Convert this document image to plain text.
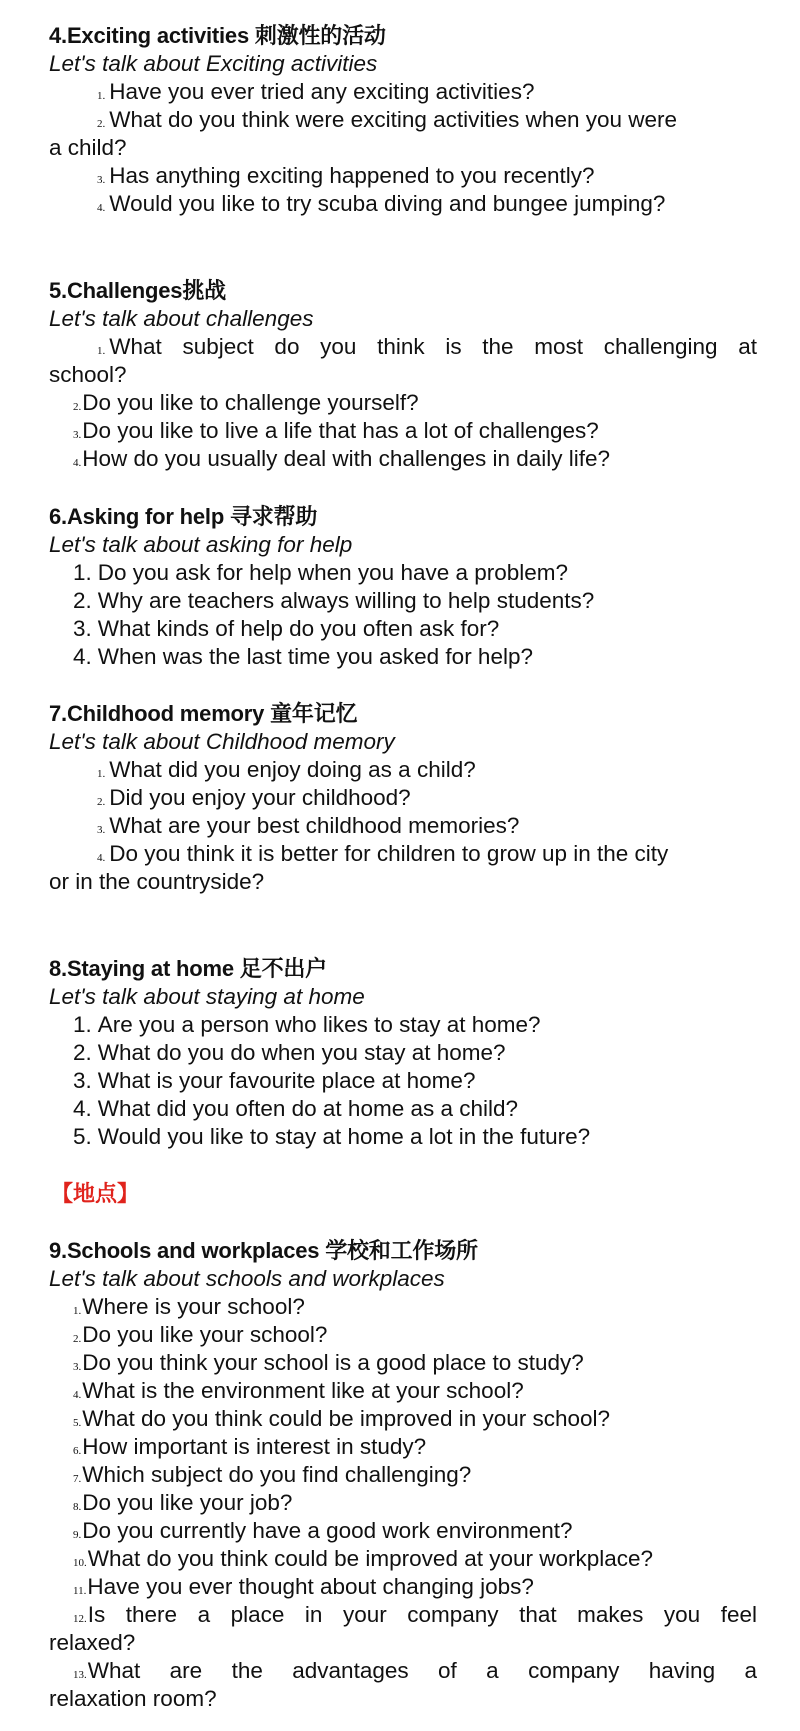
4.Exciting activities 刺激性的活动
Let's talk about Exciting activities
1. Have you ever tried any exciting activities?
2. What do you think were exciting activities when you were
a child?
3. Has anything exciting happened to you recently?
4. Would you like to try scuba diving and bungee jumping?
5.Challenges挑战
Let's talk about challenges
1. What subject do you think is the most challenging at
school?
2.Do you like to challenge yourself?
3.Do you like to live a life that has a lot of challenges?
4.How do you usually deal with challenges in daily life?
6.Asking for help 寻求帮助
Let's talk about asking for help
1. Do you ask for help when you have a problem?
2. Why are teachers always willing to help students?
3. What kinds of help do you often ask for?
4. When was the last time you asked for help?
7.Childhood memory 童年记忆
Let's talk about Childhood memory
1. What did you enjoy doing as a child?
2. Did you enjoy your childhood?
3. What are your best childhood memories?
4. Do you think it is better for children to grow up in the city
or in the countryside?
8.Staying at home 足不出户
Let's talk about staying at home
1. Are you a person who likes to stay at home?
2. What do you do when you stay at home?
3. What is your favourite place at home?
4. What did you often do at home as a child?
5. Would you like to stay at home a lot in the future?
【地点】
9.Schools and workplaces 学校和工作场所
Let's talk about schools and workplaces
1.Where is your school?
2.Do you like your school?
3.Do you think your school is a good place to study?
4.What is the environment like at your school?
5.What do you think could be improved in your school?
6.How important is interest in study?
7.Which subject do you find challenging?
8.Do you like your job?
9.Do you currently have a good work environment?
10.What do you think could be improved at your workplace?
11.Have you ever thought about changing jobs?
12.Is there a place in your company that makes you feel
relaxed?
13.What are the advantages of a company having a
relaxation room?
